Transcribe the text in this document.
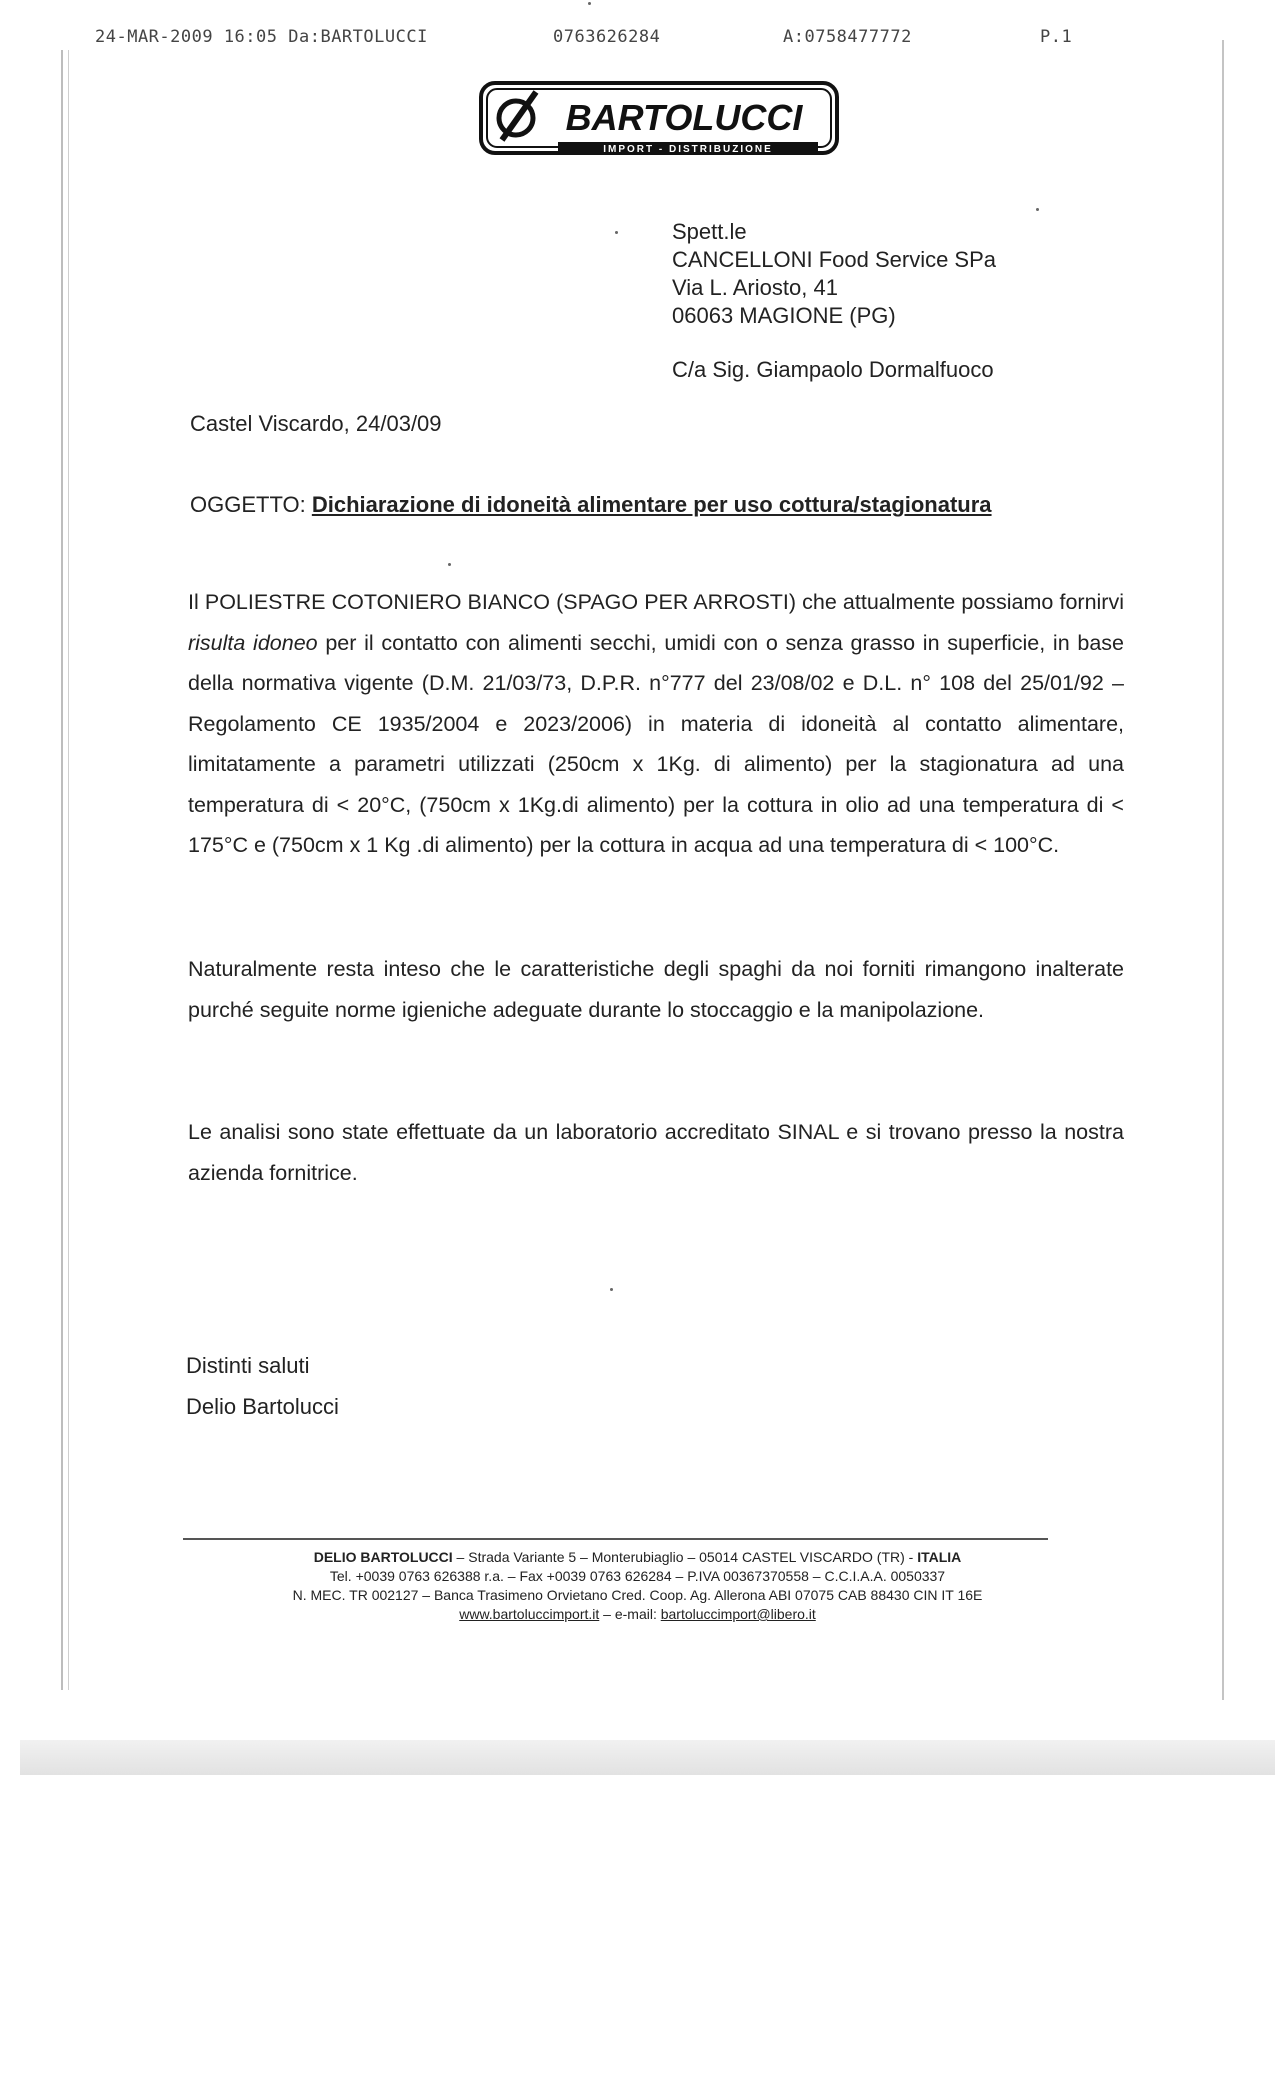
24-MAR-2009 16:05 Da:BARTOLUCCI	0763626284	A:0758477772	P.1
BARTOLUCCI
IMPORT - DISTRIBUZIONE
Spett.le
CANCELLONI Food Service SPa
Via L. Ariosto, 41
06063 MAGIONE (PG)
C/a Sig. Giampaolo Dormalfuoco
Castel Viscardo, 24/03/09
OGGETTO: Dichiarazione di idoneità alimentare per uso cottura/stagionatura
Il POLIESTRE COTONIERO BIANCO (SPAGO PER ARROSTI) che attualmente possiamo fornirvi risulta idoneo per il contatto con alimenti secchi, umidi con o senza grasso in superficie, in base della normativa vigente (D.M. 21/03/73, D.P.R. n°777 del 23/08/02 e D.L. n° 108 del 25/01/92 – Regolamento CE 1935/2004 e 2023/2006) in materia di idoneità al contatto alimentare, limitatamente a parametri utilizzati (250cm x 1Kg. di alimento) per la stagionatura ad una temperatura di < 20°C, (750cm x 1Kg.di alimento) per la cottura in olio ad una temperatura di < 175°C e (750cm x 1 Kg .di alimento) per la cottura in acqua ad una temperatura di < 100°C.
Naturalmente resta inteso che le caratteristiche degli spaghi da noi forniti rimangono inalterate purché seguite norme igieniche adeguate durante lo stoccaggio e la manipolazione.
Le analisi sono state effettuate da un laboratorio accreditato SINAL e si trovano presso la nostra azienda fornitrice.
Distinti saluti
Delio Bartolucci
DELIO BARTOLUCCI – Strada Variante 5 – Monterubiaglio – 05014 CASTEL VISCARDO (TR) - ITALIA
Tel. +0039 0763 626388 r.a. – Fax +0039 0763 626284 – P.IVA 00367370558 – C.C.I.A.A. 0050337
N. MEC. TR 002127 – Banca Trasimeno Orvietano Cred. Coop. Ag. Allerona ABI 07075 CAB 88430 CIN IT 16E
www.bartoluccimport.it – e-mail: bartoluccimport@libero.it
